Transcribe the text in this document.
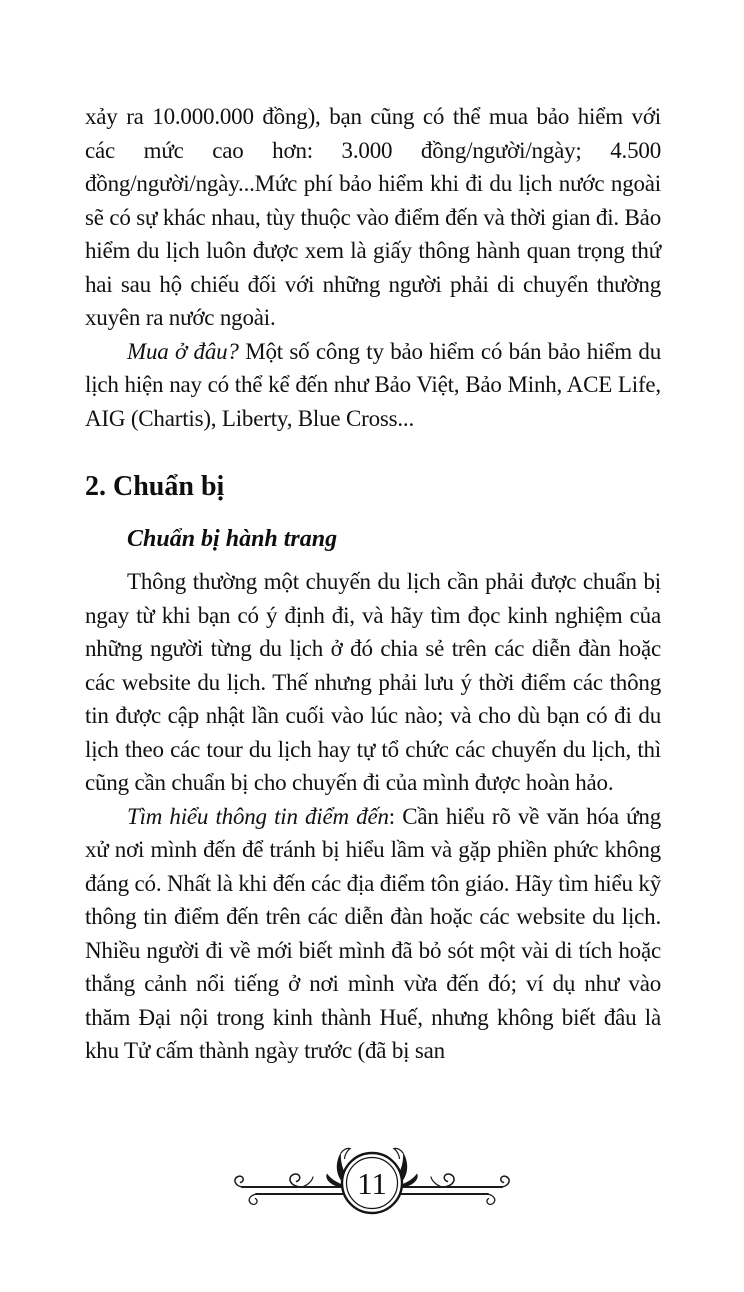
xảy ra 10.000.000 đồng), bạn cũng có thể mua bảo hiểm với các mức cao hơn: 3.000 đồng/người/ngày; 4.500 đồng/người/ngày...Mức phí bảo hiểm khi đi du lịch nước ngoài sẽ có sự khác nhau, tùy thuộc vào điểm đến và thời gian đi. Bảo hiểm du lịch luôn được xem là giấy thông hành quan trọng thứ hai sau hộ chiếu đối với những người phải di chuyển thường xuyên ra nước ngoài.

Mua ở đâu? Một số công ty bảo hiểm có bán bảo hiểm du lịch hiện nay có thể kể đến như Bảo Việt, Bảo Minh, ACE Life, AIG (Chartis), Liberty, Blue Cross...

2. Chuẩn bị
Chuẩn bị hành trang

Thông thường một chuyến du lịch cần phải được chuẩn bị ngay từ khi bạn có ý định đi, và hãy tìm đọc kinh nghiệm của những người từng du lịch ở đó chia sẻ trên các diễn đàn hoặc các website du lịch. Thế nhưng phải lưu ý thời điểm các thông tin được cập nhật lần cuối vào lúc nào; và cho dù bạn có đi du lịch theo các tour du lịch hay tự tổ chức các chuyến du lịch, thì cũng cần chuẩn bị cho chuyến đi của mình được hoàn hảo.

Tìm hiểu thông tin điểm đến: Cần hiểu rõ về văn hóa ứng xử nơi mình đến để tránh bị hiểu lầm và gặp phiền phức không đáng có. Nhất là khi đến các địa điểm tôn giáo. Hãy tìm hiểu kỹ thông tin điểm đến trên các diễn đàn hoặc các website du lịch. Nhiều người đi về mới biết mình đã bỏ sót một vài di tích hoặc thắng cảnh nổi tiếng ở nơi mình vừa đến đó; ví dụ như vào thăm Đại nội trong kinh thành Huế, nhưng không biết đâu là khu Tử cấm thành ngày trước (đã bị san

11
